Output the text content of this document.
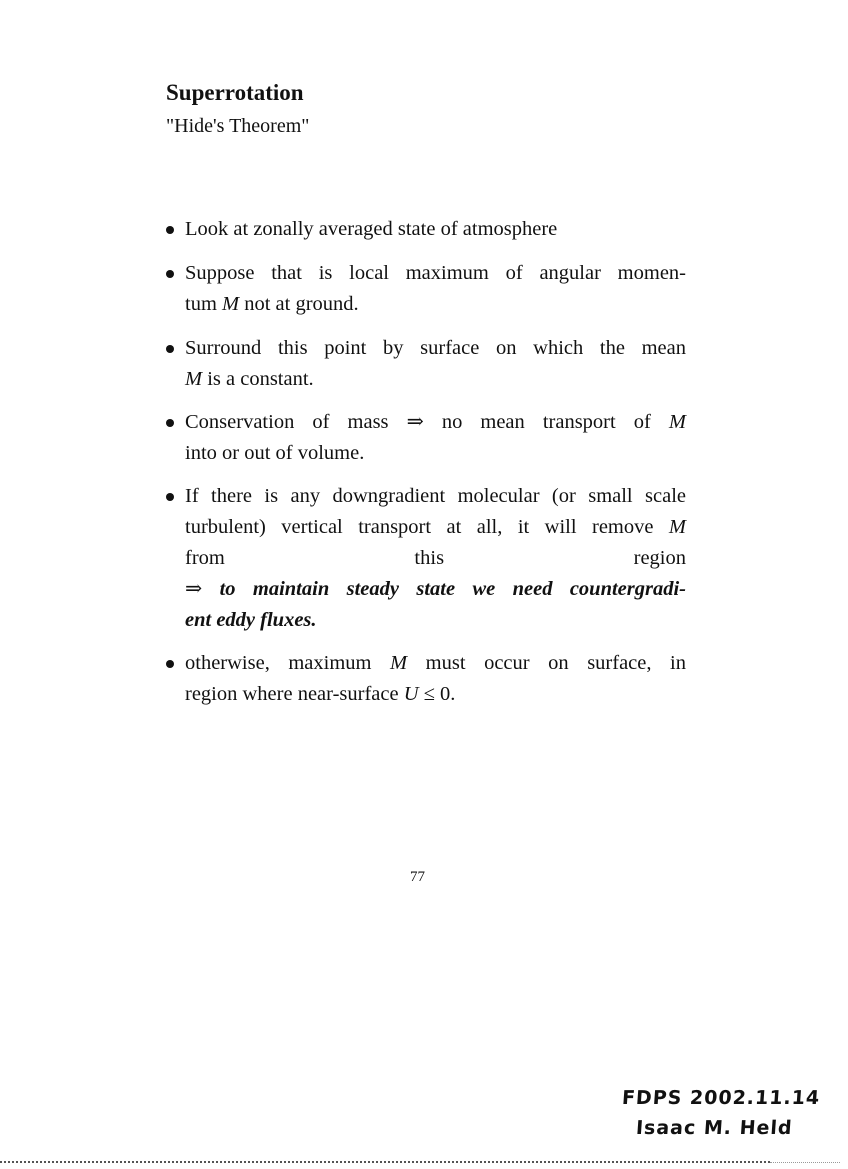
Superrotation
"Hide's Theorem"
Look at zonally averaged state of atmosphere
Suppose that is local maximum of angular momen-
tum M not at ground.
Surround this point by surface on which the mean
M is a constant.
Conservation of mass ⇒ no mean transport of M
into or out of volume.
If there is any downgradient molecular (or small scale
turbulent) vertical transport at all, it will remove M
from this region
⇒ to maintain steady state we need countergradi-
ent eddy fluxes.
otherwise, maximum M must occur on surface, in
region where near-surface U ≤ 0.
77
FDPS 2002.11.14
Isaac M. Held
